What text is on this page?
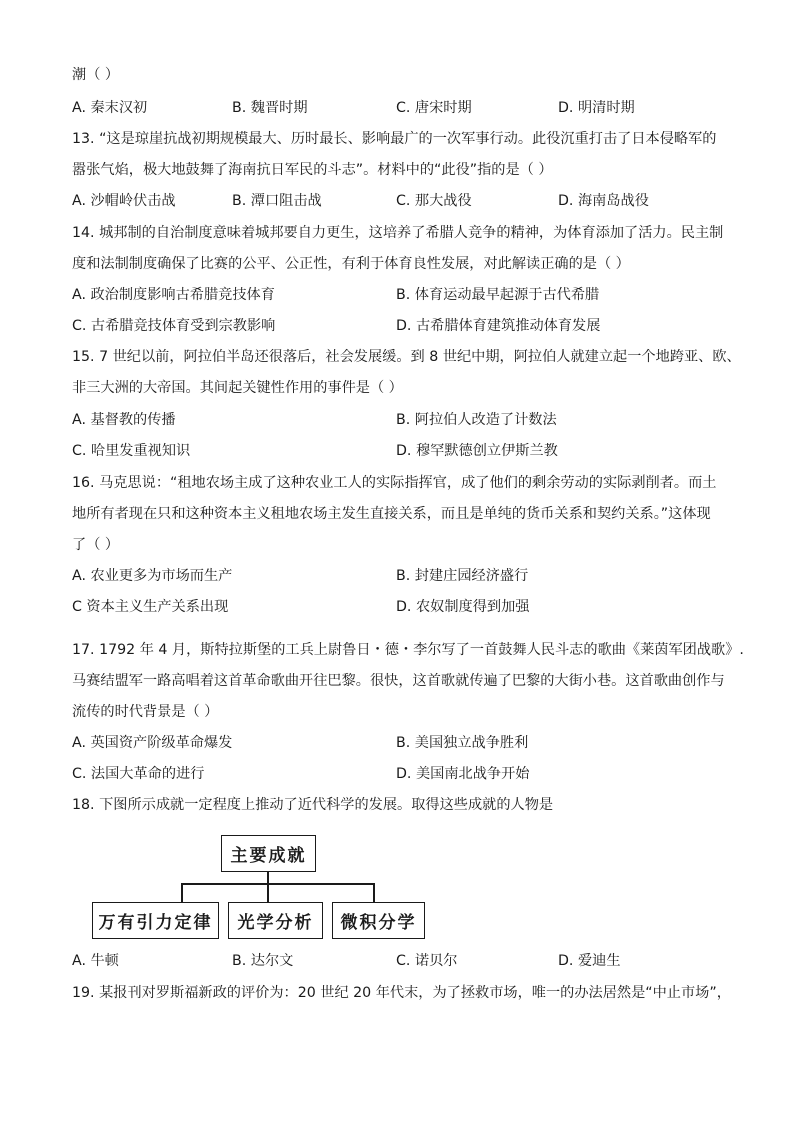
潮（ ）
A. 秦末汉初	B. 魏晋时期	C. 唐宋时期	D. 明清时期
13. “这是琼崖抗战初期规模最大、历时最长、影响最广的一次军事行动。此役沉重打击了日本侵略军的
嚣张气焰，极大地鼓舞了海南抗日军民的斗志”。材料中的“此役”指的是（ ）
A. 沙帽岭伏击战	B. 潭口阻击战	C. 那大战役	D. 海南岛战役
14. 城邦制的自治制度意味着城邦要自力更生，这培养了希腊人竞争的精神，为体育添加了活力。民主制
度和法制制度确保了比赛的公平、公正性，有利于体育良性发展，对此解读正确的是（ ）
A. 政治制度影响古希腊竞技体育	B. 体育运动最早起源于古代希腊
C. 古希腊竞技体育受到宗教影响	D. 古希腊体育建筑推动体育发展
15. 7 世纪以前，阿拉伯半岛还很落后，社会发展缓。到 8 世纪中期，阿拉伯人就建立起一个地跨亚、欧、
非三大洲的大帝国。其间起关键性作用的事件是（ ）
A. 基督教的传播	B. 阿拉伯人改造了计数法
C. 哈里发重视知识	D. 穆罕默德创立伊斯兰教
16. 马克思说：“租地农场主成了这种农业工人的实际指挥官，成了他们的剩余劳动的实际剥削者。而土
地所有者现在只和这种资本主义租地农场主发生直接关系，而且是单纯的货币关系和契约关系。”这体现
了（ ）
A. 农业更多为市场而生产	B. 封建庄园经济盛行
C 资本主义生产关系出现	D. 农奴制度得到加强
17. 1792 年 4 月，斯特拉斯堡的工兵上尉鲁日・德・李尔写了一首鼓舞人民斗志的歌曲《莱茵军团战歌》.
马赛结盟军一路高唱着这首革命歌曲开往巴黎。很快，这首歌就传遍了巴黎的大街小巷。这首歌曲创作与
流传的时代背景是（ ）
A. 英国资产阶级革命爆发	B. 美国独立战争胜利
C. 法国大革命的进行	D. 美国南北战争开始
18. 下图所示成就一定程度上推动了近代科学的发展。取得这些成就的人物是
主要成就
万有引力定律	光学分析	微积分学
A. 牛顿	B. 达尔文	C. 诺贝尔	D. 爱迪生
19. 某报刊对罗斯福新政的评价为：20 世纪 20 年代末，为了拯救市场，唯一的办法居然是“中止市场”，
